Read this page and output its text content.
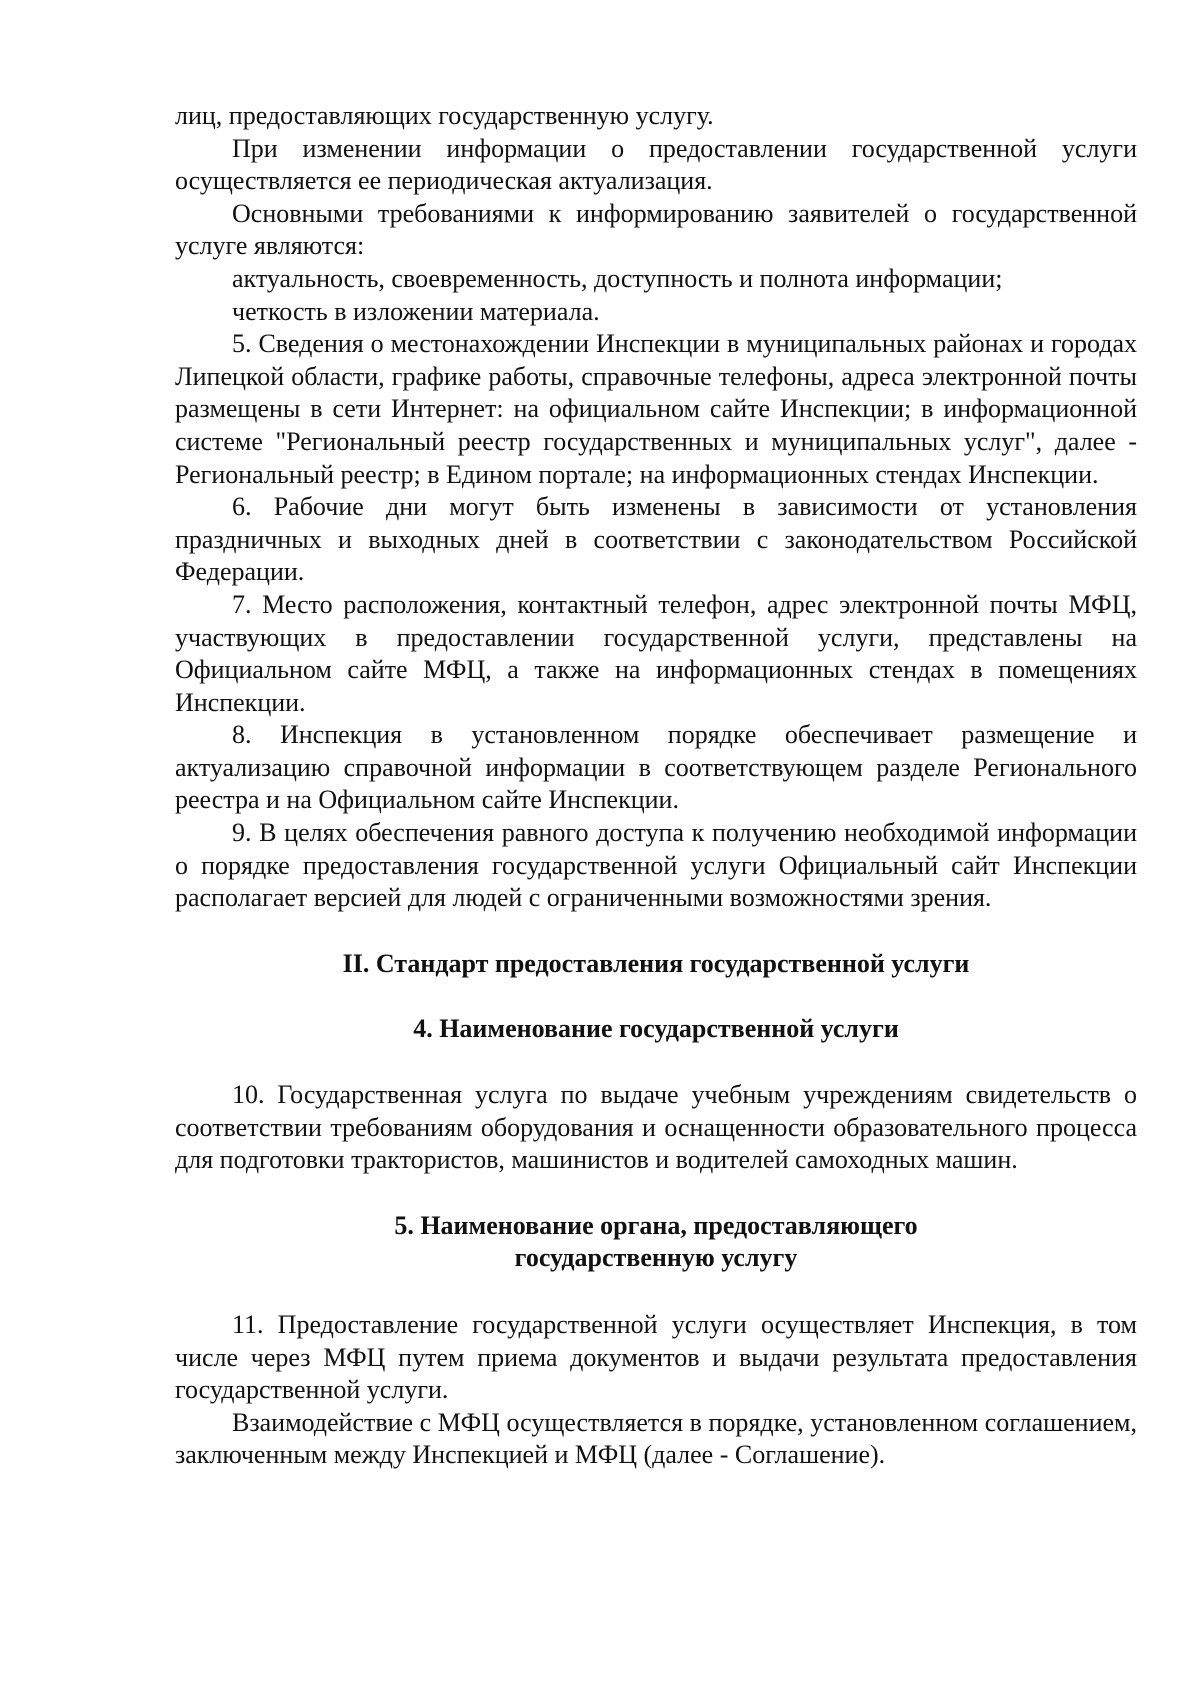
лиц, предоставляющих государственную услугу.

При изменении информации о предоставлении государственной услуги осуществляется ее периодическая актуализация.

Основными требованиями к информированию заявителей о государственной услуге являются:

актуальность, своевременность, доступность и полнота информации;

четкость в изложении материала.

5. Сведения о местонахождении Инспекции в муниципальных районах и городах Липецкой области, графике работы, справочные телефоны, адреса электронной почты размещены в сети Интернет: на официальном сайте Инспекции; в информационной системе "Региональный реестр государственных и муниципальных услуг", далее - Региональный реестр; в Едином портале; на информационных стендах Инспекции.

6. Рабочие дни могут быть изменены в зависимости от установления праздничных и выходных дней в соответствии с законодательством Российской Федерации.

7. Место расположения, контактный телефон, адрес электронной почты МФЦ, участвующих в предоставлении государственной услуги, представлены на Официальном сайте МФЦ, а также на информационных стендах в помещениях Инспекции.

8. Инспекция в установленном порядке обеспечивает размещение и актуализацию справочной информации в соответствующем разделе Регионального реестра и на Официальном сайте Инспекции.

9. В целях обеспечения равного доступа к получению необходимой информации о порядке предоставления государственной услуги Официальный сайт Инспекции располагает версией для людей с ограниченными возможностями зрения.

II. Стандарт предоставления государственной услуги
4. Наименование государственной услуги

10. Государственная услуга по выдаче учебным учреждениям свидетельств о соответствии требованиям оборудования и оснащенности образовательного процесса для подготовки трактористов, машинистов и водителей самоходных машин.

5. Наименование органа, предоставляющего
государственную услугу

11. Предоставление государственной услуги осуществляет Инспекция, в том числе через МФЦ путем приема документов и выдачи результата предоставления государственной услуги.

Взаимодействие с МФЦ осуществляется в порядке, установленном соглашением, заключенным между Инспекцией и МФЦ (далее - Соглашение).
